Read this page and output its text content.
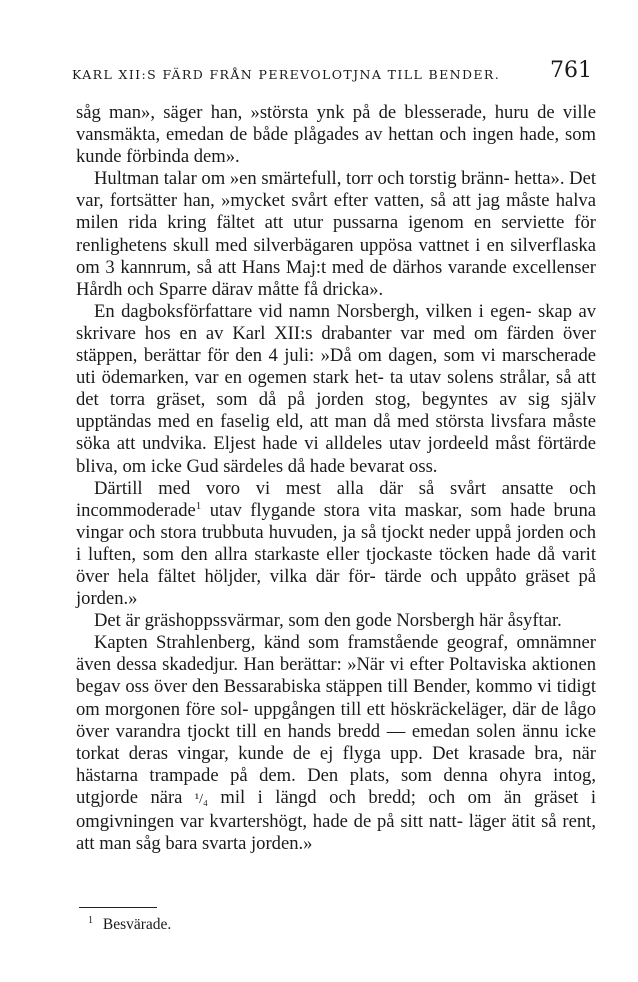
KARL XII:S FÄRD FRÅN PEREVOLOTJNA TILL BENDER. 761

såg man», säger han, »största ynk på de blesserade, huru de ville vansmäkta, emedan de både plågades av hettan och ingen hade, som kunde förbinda dem».

Hultman talar om »en smärtefull, torr och torstig bränn- hetta». Det var, fortsätter han, »mycket svårt efter vatten, så att jag måste halva milen rida kring fältet att utur pussarna igenom en serviette för renlighetens skull med silverbägaren uppösa vattnet i en silverflaska om 3 kannrum, så att Hans Maj:t med de därhos varande excellenser Hårdh och Sparre därav måtte få dricka».

En dagboksförfattare vid namn Norsbergh, vilken i egen- skap av skrivare hos en av Karl XII:s drabanter var med om färden över stäppen, berättar för den 4 juli: »Då om dagen, som vi marscherade uti ödemarken, var en ogemen stark het- ta utav solens strålar, så att det torra gräset, som då på jorden stog, begyntes av sig själv upptändas med en faselig eld, att man då med största livsfara måste söka att undvika. Eljest hade vi alldeles utav jordeeld måst förtärde bliva, om icke Gud särdeles då hade bevarat oss.

Därtill med voro vi mest alla där så svårt ansatte och incommoderade$^1$ utav flygande stora vita maskar, som hade bruna vingar och stora trubbuta huvuden, ja så tjockt neder uppå jorden och i luften, som den allra starkaste eller tjockaste töcken hade då varit över hela fältet höljder, vilka där för- tärde och uppåto gräset på jorden.»

Det är gräshoppssvärmar, som den gode Norsbergh här åsyftar.

Kapten Strahlenberg, känd som framstående geograf, omnämner även dessa skadedjur. Han berättar: »När vi efter Poltaviska aktionen begav oss över den Bessarabiska stäppen till Bender, kommo vi tidigt om morgonen före sol- uppgången till ett höskräckeläger, där de lågo över varandra tjockt till en hands bredd — emedan solen ännu icke torkat deras vingar, kunde de ej flyga upp. Det krasade bra, när hästarna trampade på dem. Den plats, som denna ohyra intog, utgjorde nära ¹/₄ mil i längd och bredd; och om än gräset i omgivningen var kvartershögt, hade de på sitt natt- läger ätit så rent, att man såg bara svarta jorden.»

$^1$ Besvärade.
